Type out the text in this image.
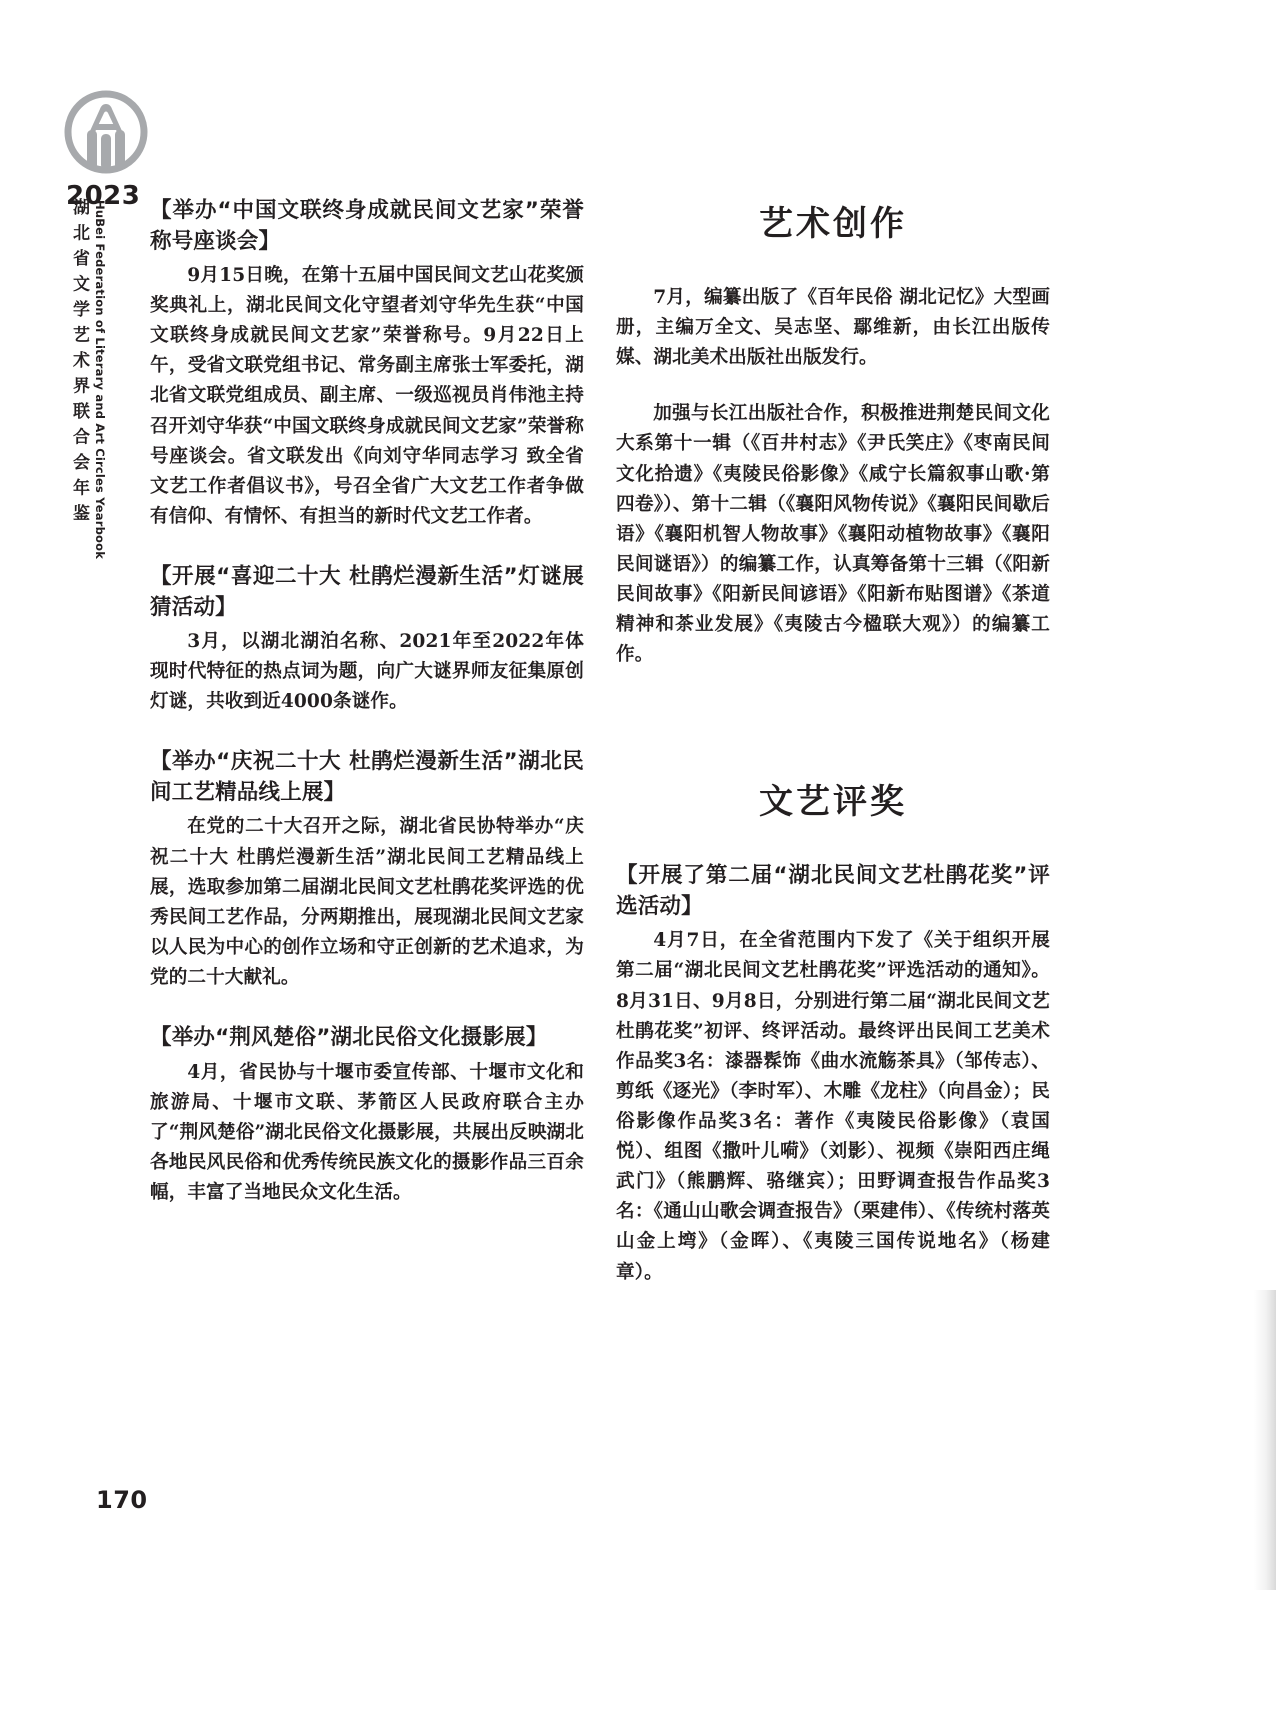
2023
湖北省文学艺术界联合会年鉴 HuBei Federation of Literary and Art Circles Yearbook 【举办“中国文联终身成就民间文艺家”荣誉称号座谈会】

9月15日晚，在第十五届中国民间文艺山花奖颁奖典礼上，湖北民间文化守望者刘守华先生获“中国文联终身成就民间文艺家”荣誉称号。9月22日上午，受省文联党组书记、常务副主席张士军委托，湖北省文联党组成员、副主席、一级巡视员肖伟池主持召开刘守华获“中国文联终身成就民间文艺家”荣誉称号座谈会。省文联发出《向刘守华同志学习 致全省文艺工作者倡议书》，号召全省广大文艺工作者争做有信仰、有情怀、有担当的新时代文艺工作者。

【开展“喜迎二十大 杜鹃烂漫新生活”灯谜展猜活动】

3月，以湖北湖泊名称、2021年至2022年体现时代特征的热点词为题，向广大谜界师友征集原创灯谜，共收到近4000条谜作。

【举办“庆祝二十大 杜鹃烂漫新生活”湖北民间工艺精品线上展】

在党的二十大召开之际，湖北省民协特举办“庆祝二十大 杜鹃烂漫新生活”湖北民间工艺精品线上展，选取参加第二届湖北民间文艺杜鹃花奖评选的优秀民间工艺作品，分两期推出，展现湖北民间文艺家以人民为中心的创作立场和守正创新的艺术追求，为党的二十大献礼。

【举办“荆风楚俗”湖北民俗文化摄影展】

4月，省民协与十堰市委宣传部、十堰市文化和旅游局、十堰市文联、茅箭区人民政府联合主办了“荆风楚俗”湖北民俗文化摄影展，共展出反映湖北各地民风民俗和优秀传统民族文化的摄影作品三百余幅，丰富了当地民众文化生活。

艺术创作

7月，编纂出版了《百年民俗 湖北记忆》大型画册，主编万全文、吴志坚、鄢维新，由长江出版传媒、湖北美术出版社出版发行。

加强与长江出版社合作，积极推进荆楚民间文化大系第十一辑（《百井村志》《尹氏笑庄》《枣南民间文化拾遗》《夷陵民俗影像》《咸宁长篇叙事山歌·第四卷》）、第十二辑（《襄阳风物传说》《襄阳民间歇后语》《襄阳机智人物故事》《襄阳动植物故事》《襄阳民间谜语》）的编纂工作，认真筹备第十三辑（《阳新民间故事》《阳新民间谚语》《阳新布贴图谱》《茶道精神和茶业发展》《夷陵古今楹联大观》）的编纂工作。

文艺评奖
【开展了第二届“湖北民间文艺杜鹃花奖”评选活动】

4月7日，在全省范围内下发了《关于组织开展第二届“湖北民间文艺杜鹃花奖”评选活动的通知》。8月31日、9月8日，分别进行第二届“湖北民间文艺杜鹃花奖”初评、终评活动。最终评出民间工艺美术作品奖3名：漆器髹饰《曲水流觞茶具》（邹传志）、剪纸《逐光》（李时军）、木雕《龙柱》（向昌金）；民俗影像作品奖3名：著作《夷陵民俗影像》（袁国悦）、组图《撒叶儿嗬》（刘影）、视频《崇阳西庄绳武门》（熊鹏辉、骆继宾）；田野调查报告作品奖3名：《通山山歌会调查报告》（栗建伟）、《传统村落英山金上塆》（金晖）、《夷陵三国传说地名》（杨建章）。

170
